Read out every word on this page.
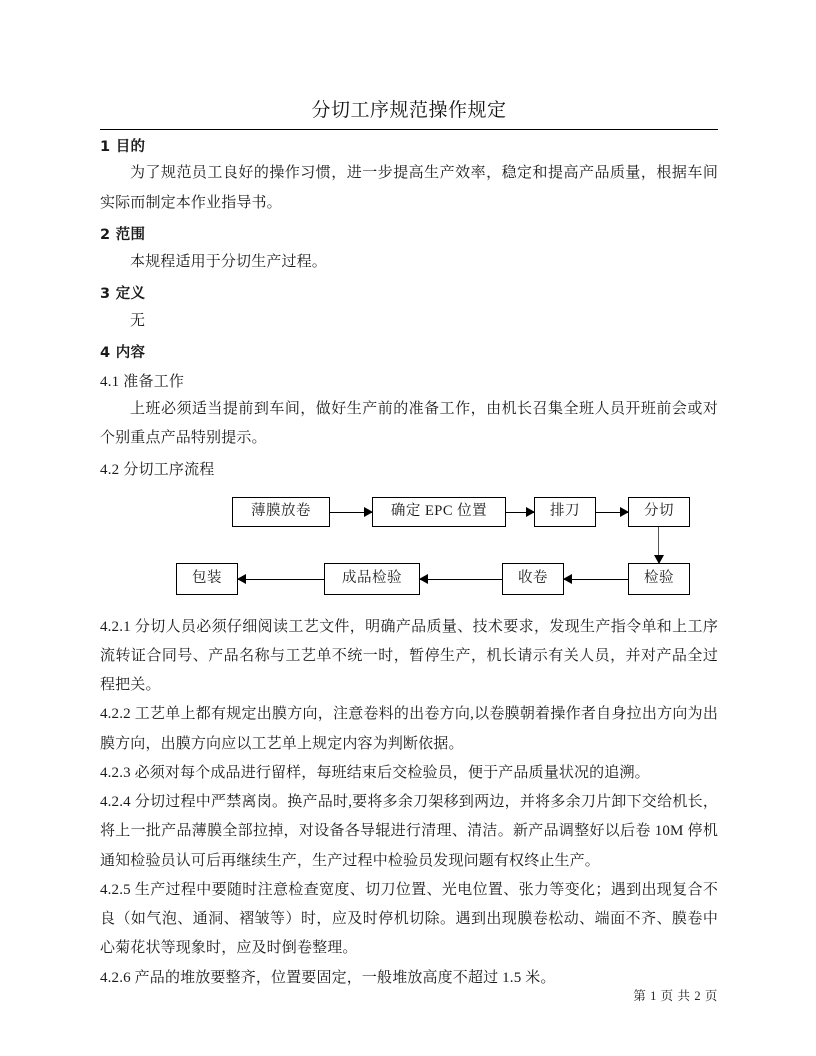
分切工序规范操作规定
1 目的

为了规范员工良好的操作习惯，进一步提高生产效率，稳定和提高产品质量，根据车间实际而制定本作业指导书。

2 范围

本规程适用于分切生产过程。

3 定义

无

4 内容
4.1 准备工作

上班必须适当提前到车间，做好生产前的准备工作，由机长召集全班人员开班前会或对个别重点产品特别提示。

4.2 分切工序流程
薄膜放卷	确定 EPC 位置	排刀	分切
检验
收卷
成品检验
包装

4.2.1 分切人员必须仔细阅读工艺文件，明确产品质量、技术要求，发现生产指令单和上工序流转证合同号、产品名称与工艺单不统一时，暂停生产，机长请示有关人员，并对产品全过程把关。

4.2.2 工艺单上都有规定出膜方向，注意卷料的出卷方向,以卷膜朝着操作者自身拉出方向为出膜方向，出膜方向应以工艺单上规定内容为判断依据。

4.2.3 必须对每个成品进行留样，每班结束后交检验员，便于产品质量状况的追溯。

4.2.4 分切过程中严禁离岗。换产品时,要将多余刀架移到两边，并将多余刀片卸下交给机长，将上一批产品薄膜全部拉掉，对设备各导辊进行清理、清洁。新产品调整好以后卷 10M 停机通知检验员认可后再继续生产，生产过程中检验员发现问题有权终止生产。

4.2.5 生产过程中要随时注意检查宽度、切刀位置、光电位置、张力等变化；遇到出现复合不良（如气泡、通洞、褶皱等）时，应及时停机切除。遇到出现膜卷松动、端面不齐、膜卷中心菊花状等现象时，应及时倒卷整理。

4.2.6 产品的堆放要整齐，位置要固定，一般堆放高度不超过 1.5 米。

第 1 页 共 2 页
